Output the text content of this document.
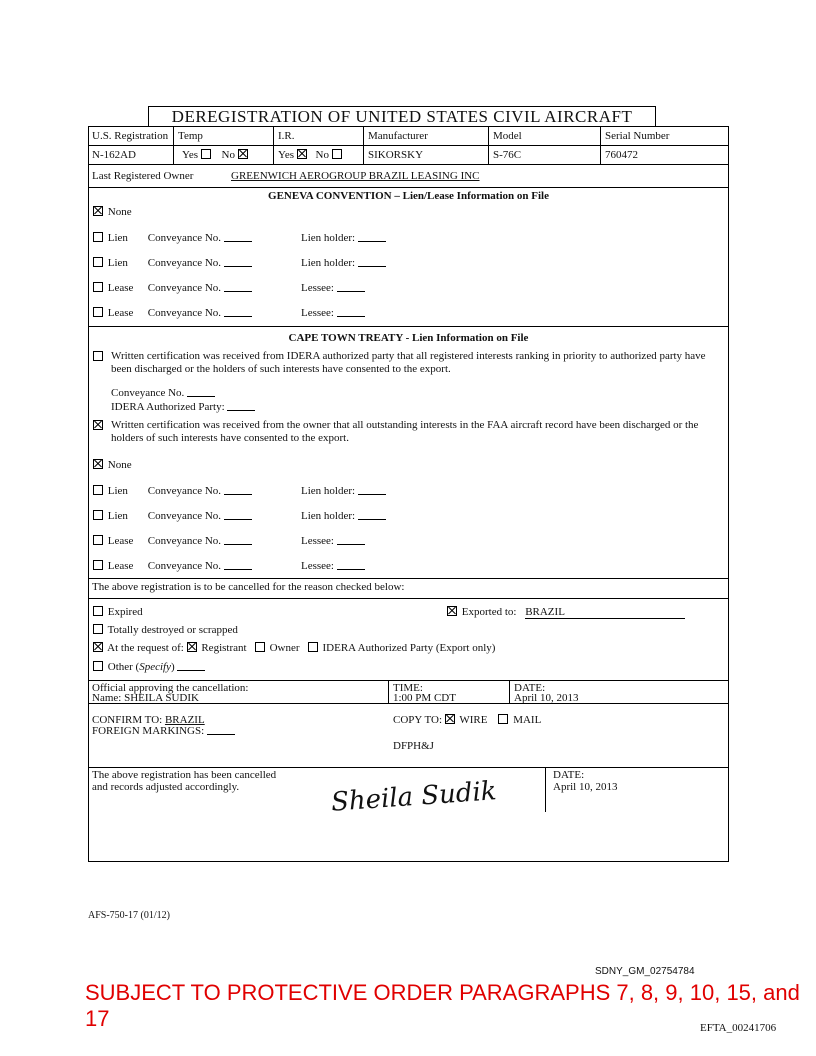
DEREGISTRATION OF UNITED STATES CIVIL AIRCRAFT
U.S. Registration Temp	I.R.	Manufacturer	Model	Serial Number
N-162AD	Yes No	Yes No	SIKORSKY	S-76C	760472
Last Registered Owner	GREENWICH AEROGROUP BRAZIL LEASING INC
GENEVA CONVENTION – Lien/Lease Information on File
None
Lien Conveyance No.	Lien holder:
Lien Conveyance No.	Lien holder:
Lease Conveyance No.	Lessee:
Lease Conveyance No.	Lessee:
CAPE TOWN TREATY - Lien Information on File
Written certification was received from IDERA authorized party that all registered interests ranking in priority to authorized party have been discharged or the holders of such interests have consented to the export.
Conveyance No.
IDERA Authorized Party:
Written certification was received from the owner that all outstanding interests in the FAA aircraft record have been discharged or the holders of such interests have consented to the export.
None
Lien Conveyance No.	Lien holder:
Lien Conveyance No.	Lien holder:
Lease Conveyance No.	Lessee:
Lease Conveyance No.	Lessee:
The above registration is to be cancelled for the reason checked below:
Expired	Exported to: BRAZIL
Totally destroyed or scrapped
At the request of: Registrant Owner IDERA Authorized Party (Export only)
Other (Specify)
Official approving the cancellation:
Name: SHEILA SUDIK
TIME:
1:00 PM CDT
DATE:
April 10, 2013
CONFIRM TO: BRAZIL
FOREIGN MARKINGS:
COPY TO: WIRE MAIL
DFPH&J
The above registration has been cancelled
and records adjusted accordingly.	Sheila Sudik
DATE:
April 10, 2013
AFS-750-17 (01/12)
SDNY_GM_02754784
SUBJECT TO PROTECTIVE ORDER PARAGRAPHS 7, 8, 9, 10, 15, and 17	EFTA_00241706
